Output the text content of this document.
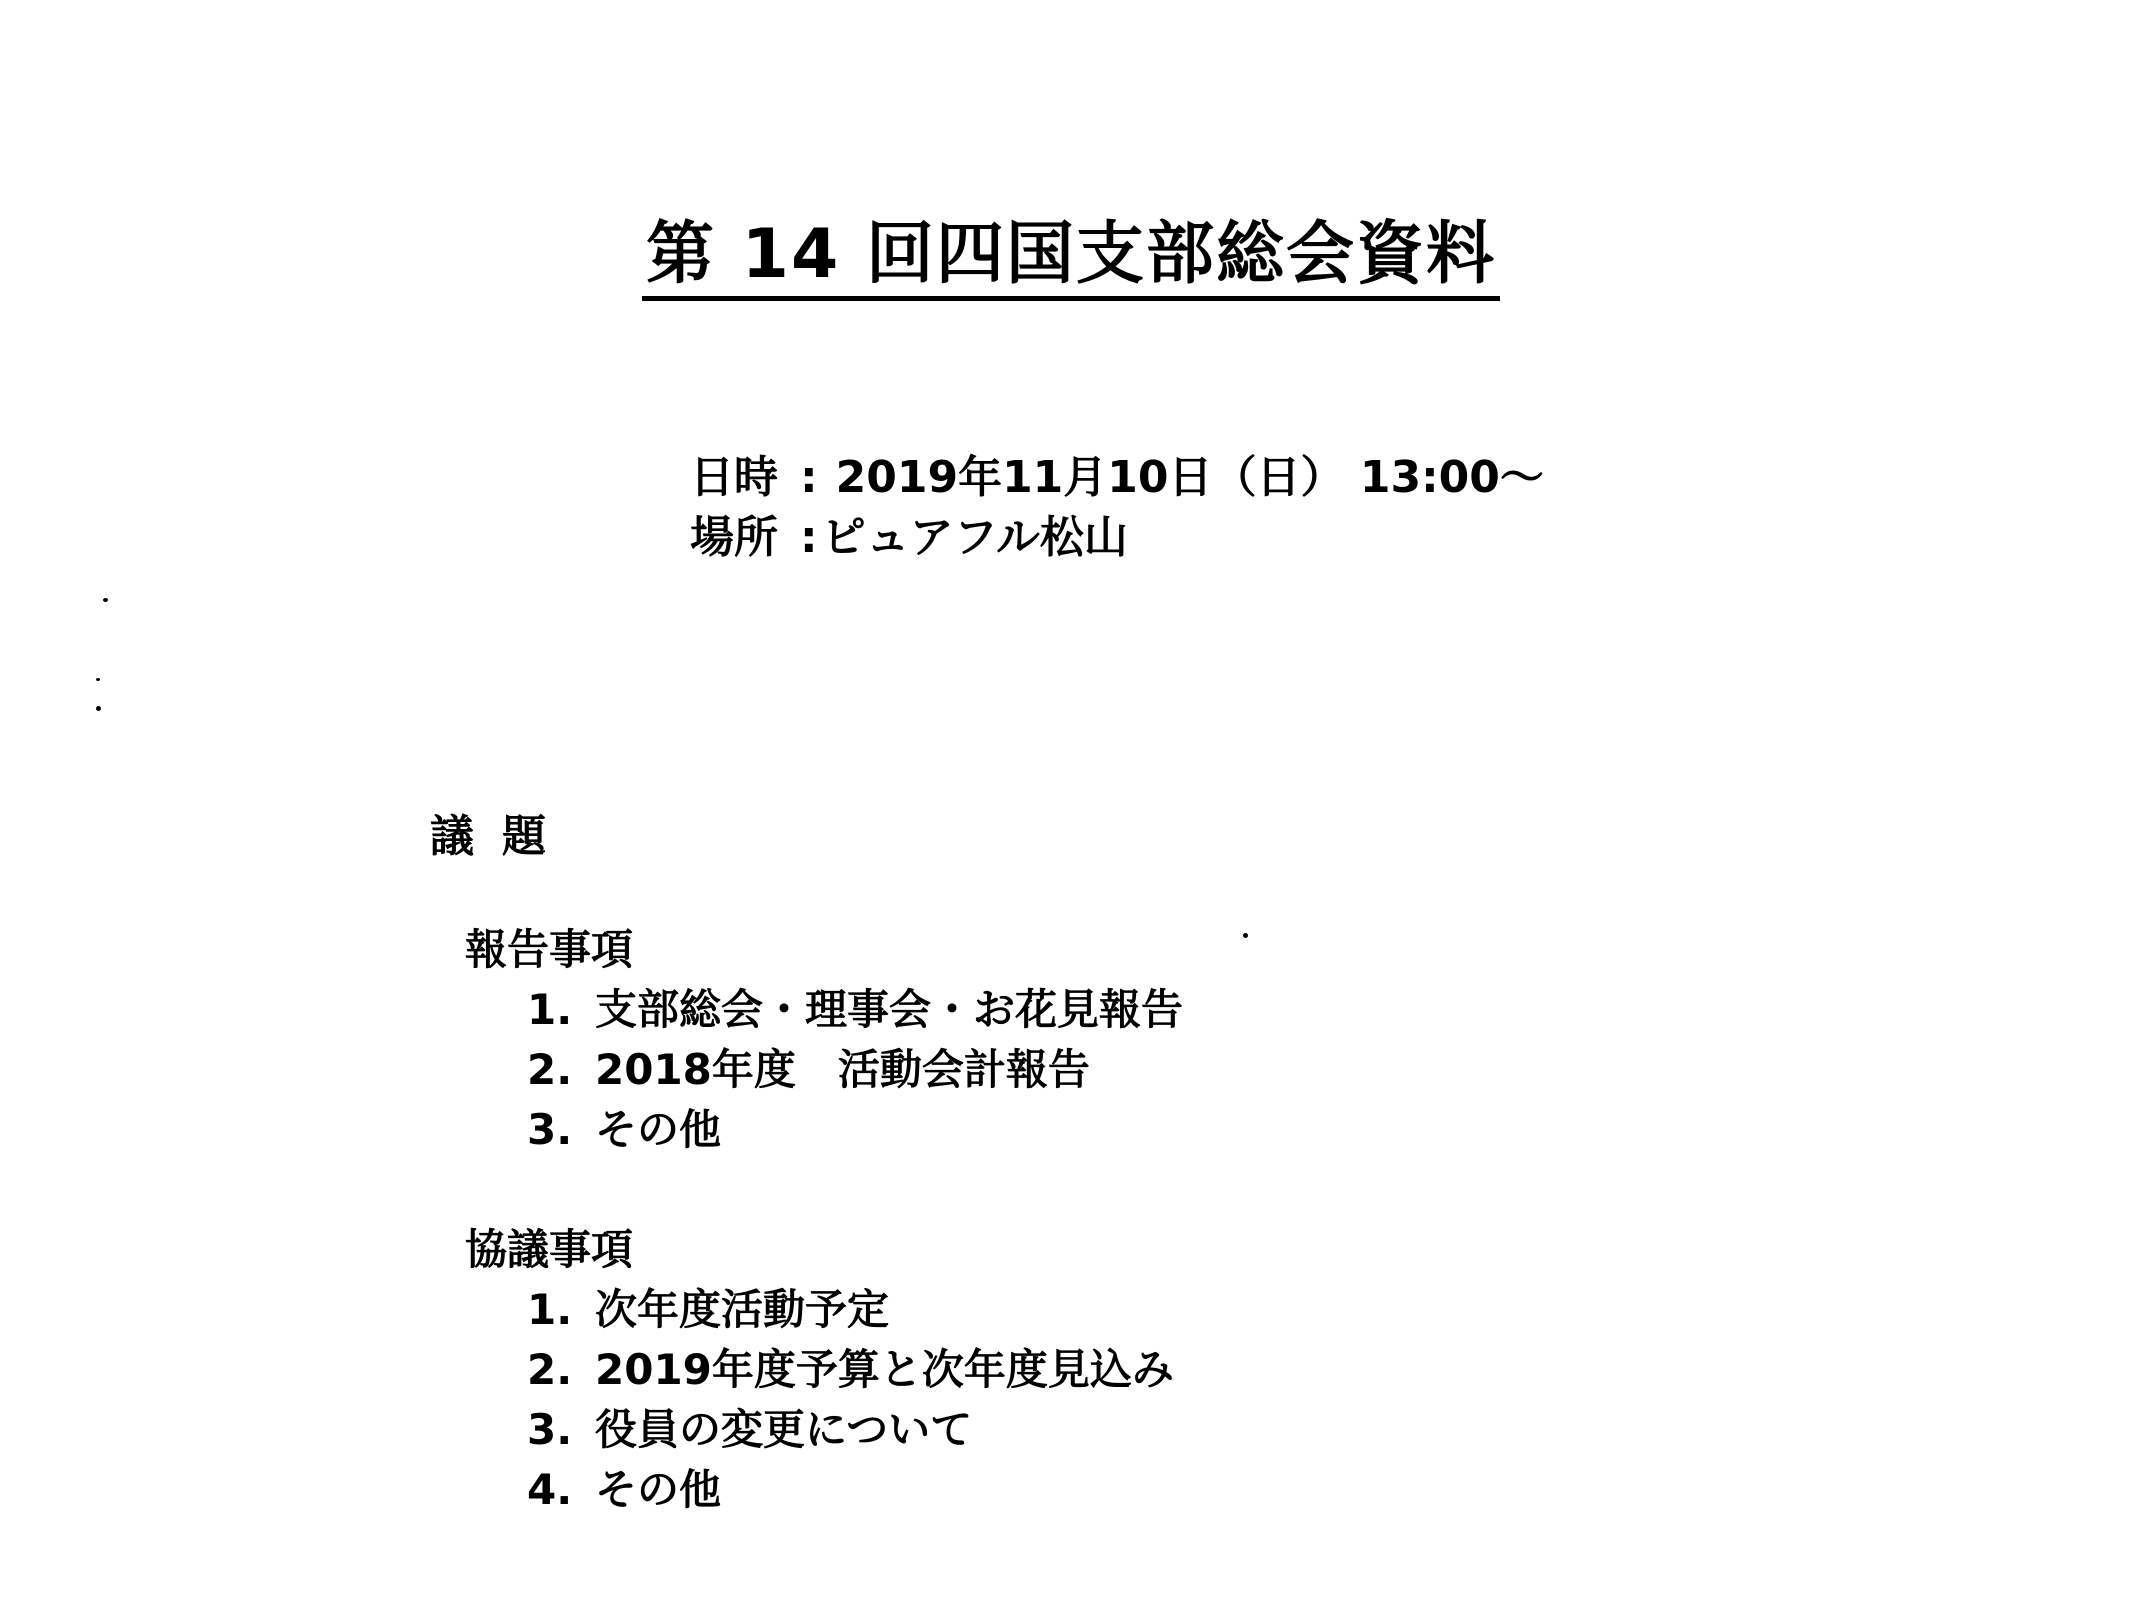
第 14 回四国支部総会資料
日時 : 2019年11月10日（日） 13:00～
場所 :ピュアフル松山
議題
報告事項
1. 支部総会・理事会・お花見報告
2. 2018年度　活動会計報告
3. その他
協議事項
1. 次年度活動予定
2. 2019年度予算と次年度見込み
3. 役員の変更について
4. その他
